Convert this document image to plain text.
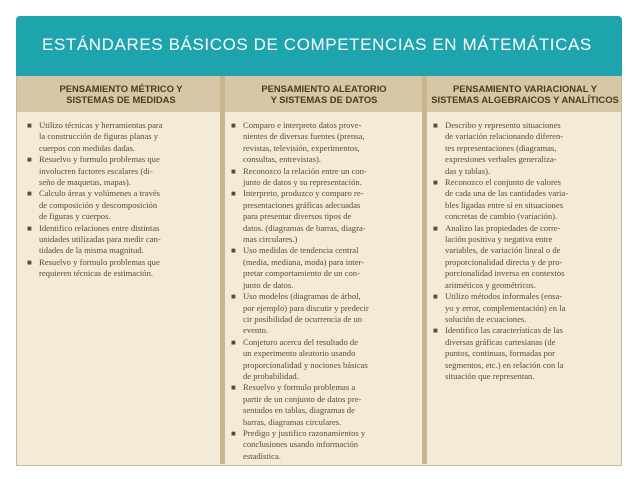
ESTÁNDARES BÁSICOS DE COMPETENCIAS EN MÁTEMÁTICAS
PENSAMIENTO MÉTRICO Y
SISTEMAS DE MEDIDAS
PENSAMIENTO ALEATORIO
Y SISTEMAS DE DATOS
PENSAMIENTO VARIACIONAL Y
SISTEMAS ALGEBRAICOS Y ANALÍTICOS
■ Utilizo técnicas y herramientas para
la construcción de figuras planas y
cuerpos con medidas dadas.
■ Resuelvo y formulo problemas que
involucren factores escalares (di-
seño de maquetas, mapas).
■ Calculo áreas y volúmenes a través
de composición y descomposición
de figuras y cuerpos.
■ Identifico relaciones entre distintas
unidades utilizadas para medir can-
tidades de la misma magnitud.
■ Resuelvo y formulo problemas que
requieren técnicas de estimación.
■ Comparo e interpreto datos prove-
nientes de diversas fuentes (prensa,
revistas, televisión, experimentos,
consultas, entrevistas).
■ Reconozco la relación entre un con-
junto de datos y su representación.
■ Interpreto, produzco y comparo re-
presentaciones gráficas adecuadas
para presentar diversos tipos de
datos. (diagramas de barras, diagra-
mas circulares.)
■ Uso medidas de tendencia central
(media, mediana, moda) para inter-
pretar comportamiento de un con-
junto de datos.
■ Uso modelos (diagramas de árbol,
por ejemplo) para discutir y predecir
cir posibilidad de ocurrencia de un
evento.
■ Conjeturo acerca del resultado de
un experimento aleatorio usando
proporcionalidad y nociones básicas
de probabilidad.
■ Resuelvo y formulo problemas a
partir de un conjunto de datos pre-
sentados en tablas, diagramas de
barras, diagramas circulares.
■ Predigo y justifico razonamientos y
conclusiones usando información
estadística.
■ Describo y represento situaciones
de variación relacionando diferen-
tes representaciones (diagramas,
expresiones verbales generaliza-
das y tablas).
■ Reconozco el conjunto de valores
de cada una de las cantidades varia-
bles ligadas entre sí en situaciones
concretas de cambio (variación).
■ Analizo las propiedades de corre-
lación positiva y negativa entre
variables, de variación lineal o de
proporcionalidad directa y de pro-
porcionalidad inversa en contextos
aritméticos y geométricos.
■ Utilizo métodos informales (ensa-
yo y error, complementación) en la
solución de ecuaciones.
■ Identifico las características de las
diversas gráficas cartesianas (de
puntos, continuas, formadas por
segmentos, etc.) en relación con la
situación que representan.
